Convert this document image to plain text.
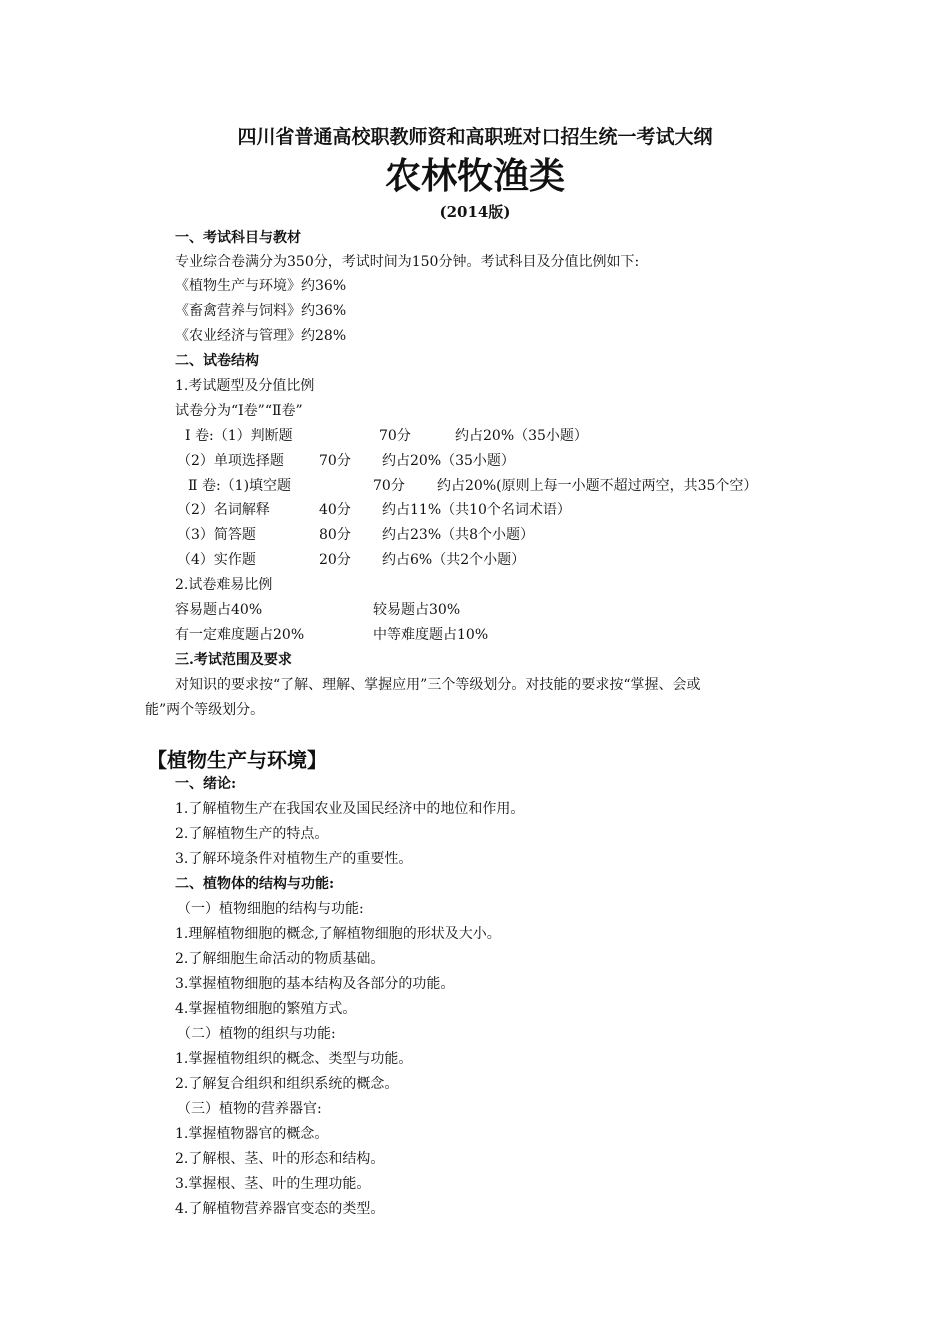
四川省普通高校职教师资和高职班对口招生统一考试大纲
农林牧渔类
(2014版)
一、考试科目与教材
专业综合卷满分为350分，考试时间为150分钟。考试科目及分值比例如下:
《植物生产与环境》约36%
《畜禽营养与饲料》约36%
《农业经济与管理》约28%
二、试卷结构
1.考试题型及分值比例
试卷分为“Ⅰ卷”“Ⅱ卷”
Ⅰ 卷:（1）判断题	70分	约占20%（35小题）
（2）单项选择题	70分 约占20%（35小题）
Ⅱ 卷:（1)填空题	70分 约占20%(原则上每一小题不超过两空，共35个空）
（2）名词解释	40分 约占11%（共10个名词术语）
（3）简答题	80分 约占23%（共8个小题）
（4）实作题	20分 约占6%（共2个小题）
2.试卷难易比例
容易题占40%	较易题占30%
有一定难度题占20%	中等难度题占10%
三.考试范围及要求
对知识的要求按“了解、理解、掌握应用”三个等级划分。对技能的要求按“掌握、会或
能”两个等级划分。
【植物生产与环境】
一、绪论:
1.了解植物生产在我国农业及国民经济中的地位和作用。
2.了解植物生产的特点。
3.了解环境条件对植物生产的重要性。
二、植物体的结构与功能:
（一）植物细胞的结构与功能:
1.理解植物细胞的概念,了解植物细胞的形状及大小。
2.了解细胞生命活动的物质基础。
3.掌握植物细胞的基本结构及各部分的功能。
4.掌握植物细胞的繁殖方式。
（二）植物的组织与功能:
1.掌握植物组织的概念、类型与功能。
2.了解复合组织和组织系统的概念。
（三）植物的营养器官:
1.掌握植物器官的概念。
2.了解根、茎、叶的形态和结构。
3.掌握根、茎、叶的生理功能。
4.了解植物营养器官变态的类型。
